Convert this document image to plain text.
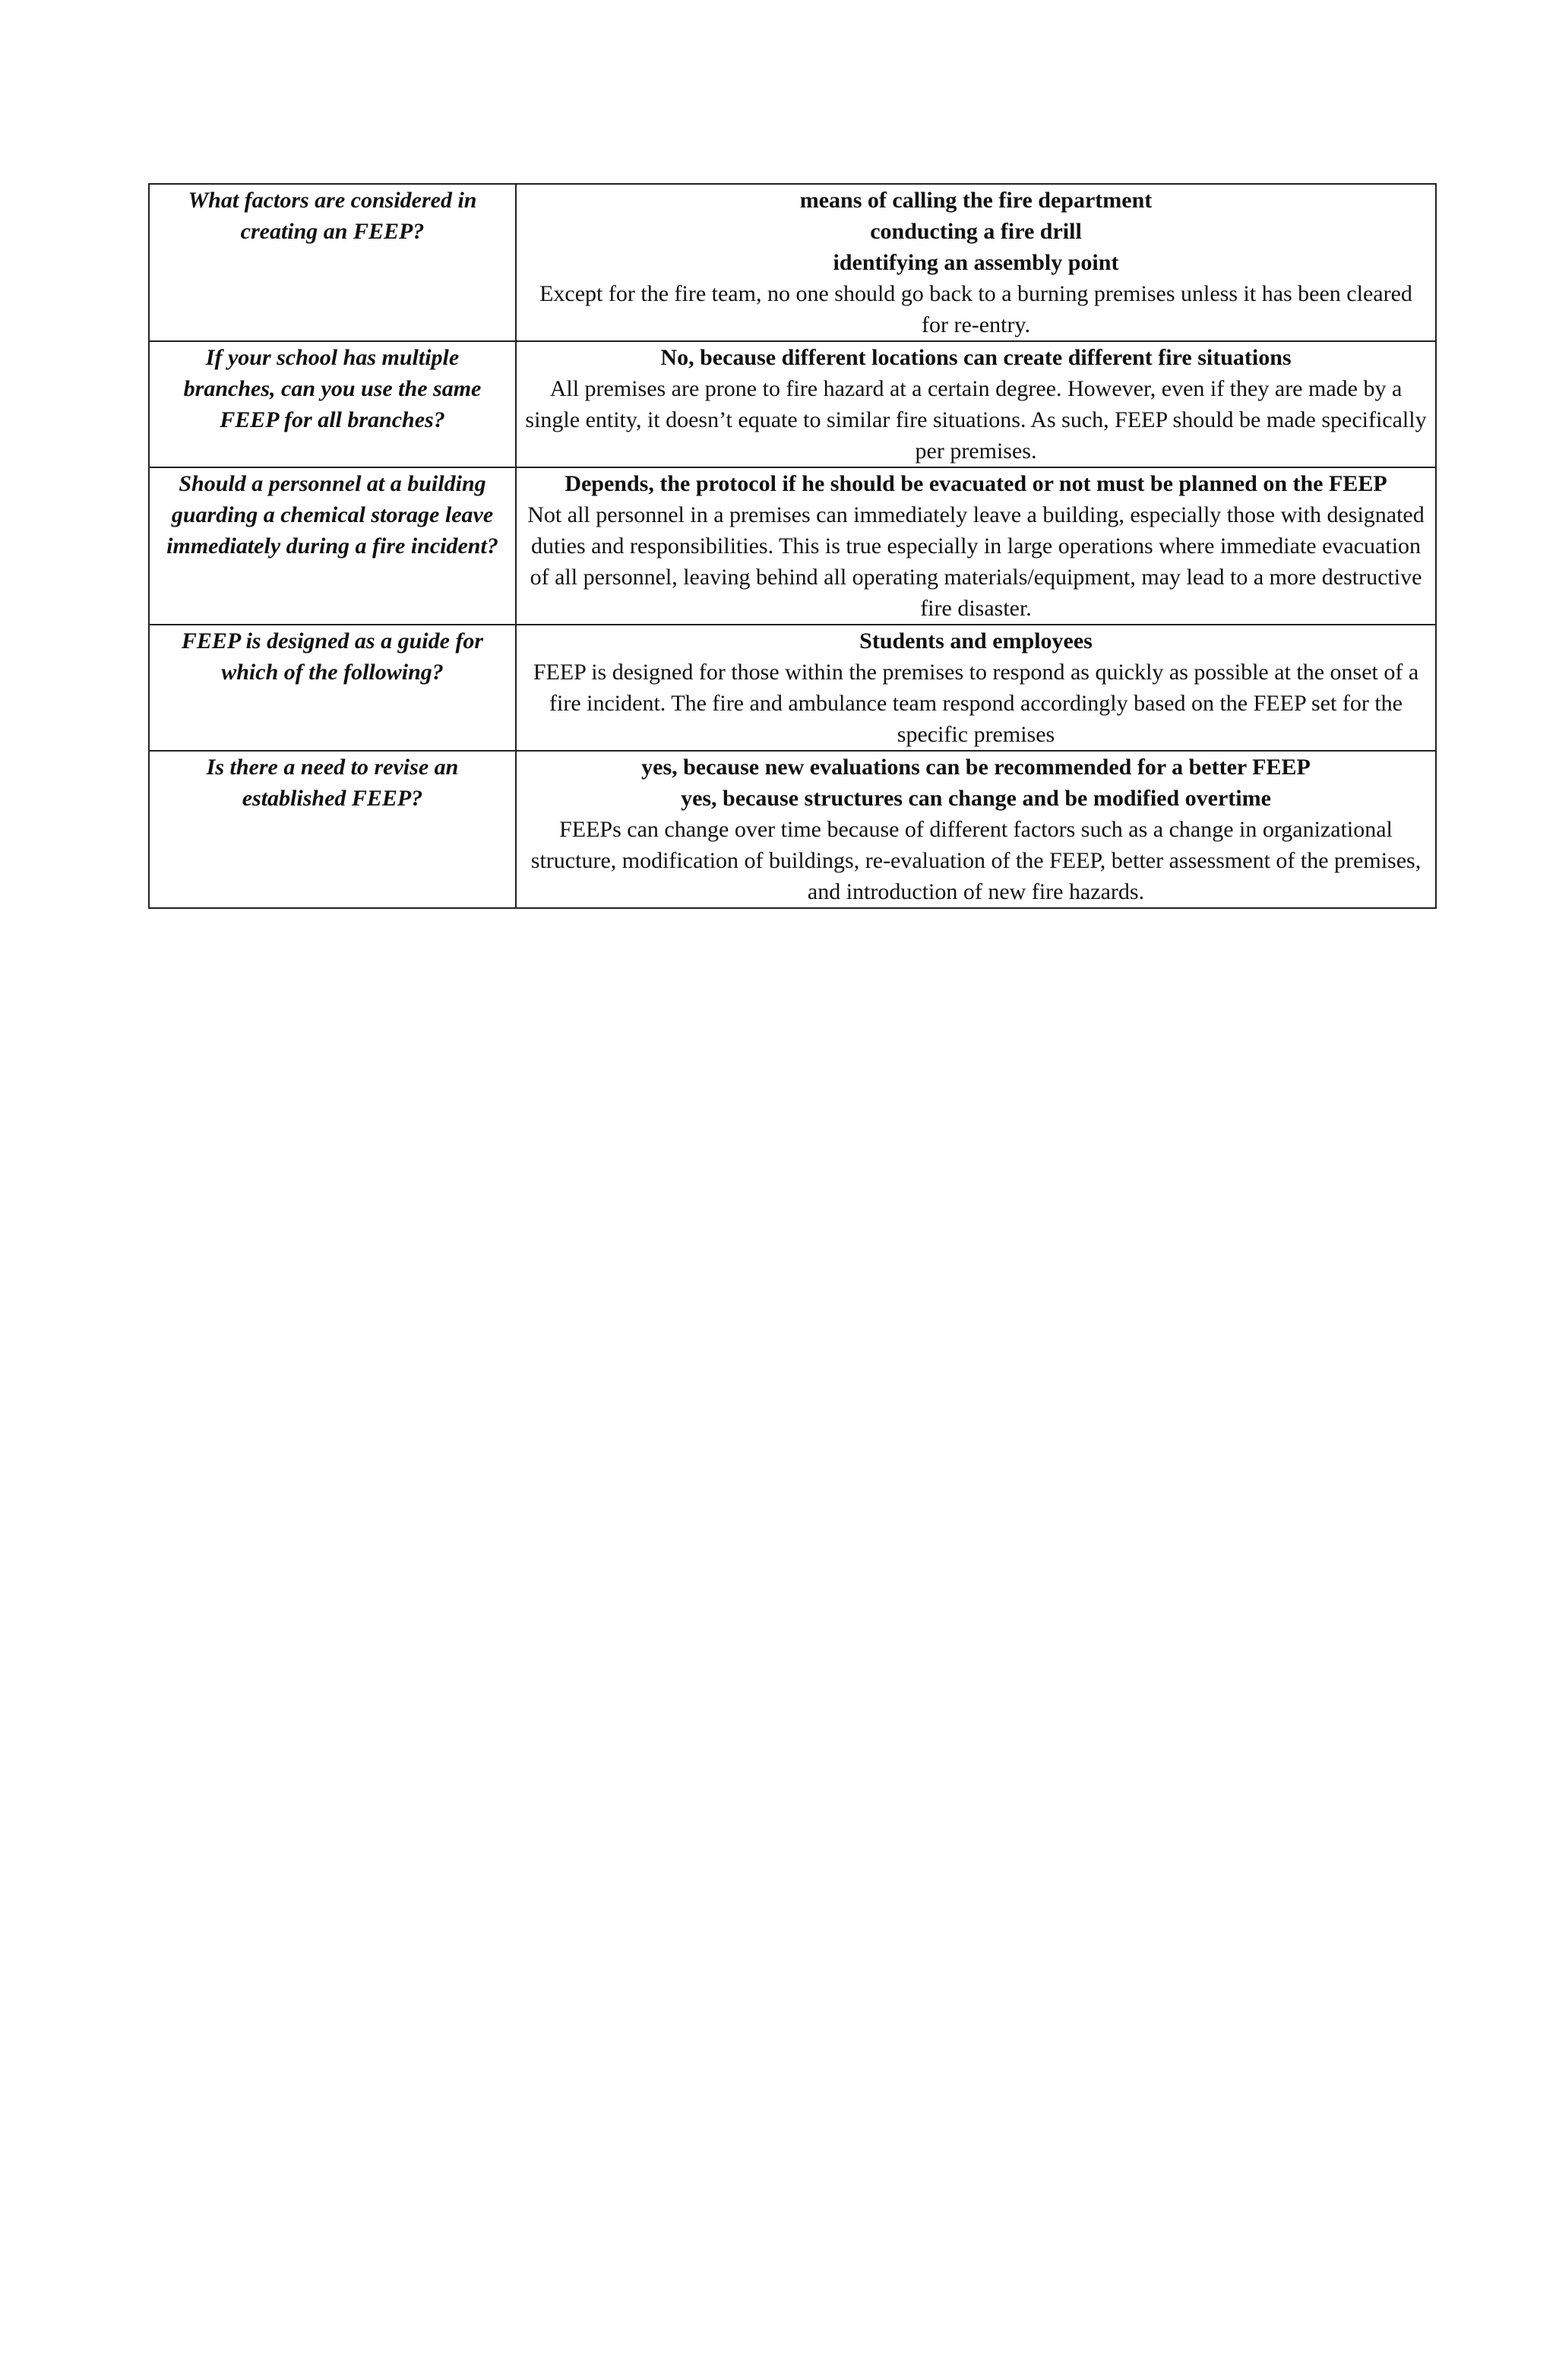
What factors are considered in creating an FEEP?	means of calling the fire department
conducting a fire drill
identifying an assembly point
Except for the fire team, no one should go back to a burning premises unless it has been cleared for re-entry.

If your school has multiple branches, can you use the same FEEP for all branches?	No, because different locations can create different fire situations
All premises are prone to fire hazard at a certain degree. However, even if they are made by a single entity, it doesn’t equate to similar fire situations. As such, FEEP should be made specifically per premises.

Should a personnel at a building guarding a chemical storage leave immediately during a fire incident?	Depends, the protocol if he should be evacuated or not must be planned on the FEEP
Not all personnel in a premises can immediately leave a building, especially those with designated duties and responsibilities. This is true especially in large operations where immediate evacuation of all personnel, leaving behind all operating materials/equipment, may lead to a more destructive fire disaster.

FEEP is designed as a guide for which of the following?	Students and employees
FEEP is designed for those within the premises to respond as quickly as possible at the onset of a fire incident. The fire and ambulance team respond accordingly based on the FEEP set for the specific premises

Is there a need to revise an established FEEP?	yes, because new evaluations can be recommended for a better FEEP
yes, because structures can change and be modified overtime
FEEPs can change over time because of different factors such as a change in organizational structure, modification of buildings, re-evaluation of the FEEP, better assessment of the premises, and introduction of new fire hazards.
